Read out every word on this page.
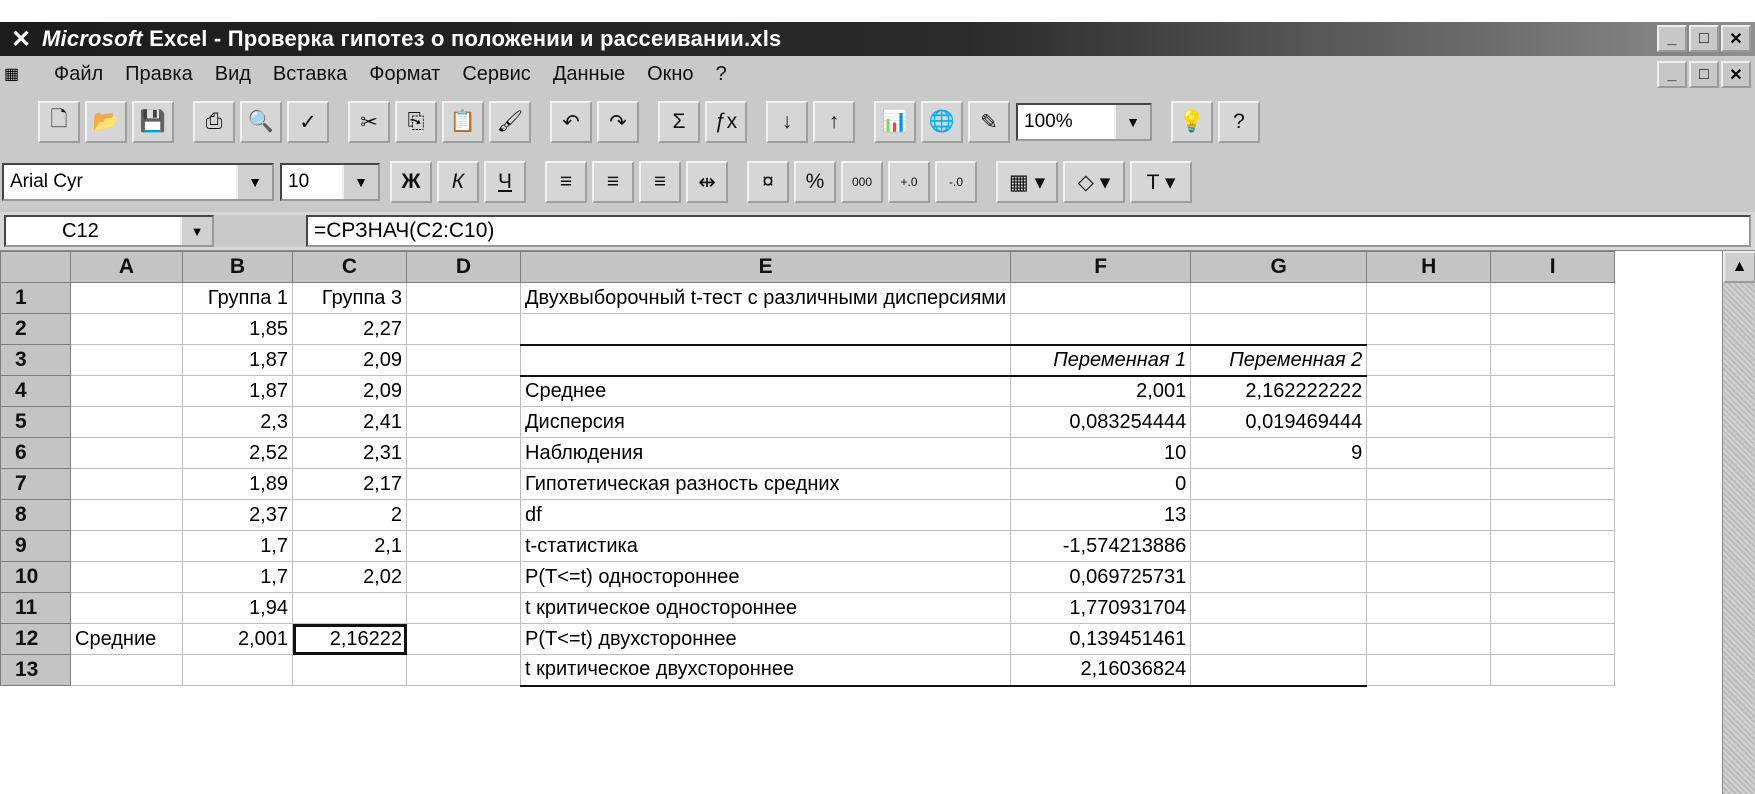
✕ Microsoft Excel - Проверка гипотез о положении и рассеивании.xls	_	□	✕
▦	Файл Правка Вид Вставка Формат Сервис Данные Окно ?	_	□	✕
🗋	📂 💾	⎙	🔍	✓	✂	⎘	📋 🖌	↶	↷	Σ	ƒx	↓	↑	📊 🌐	✎	100%	▼	💡	?
Arial Cyr	▼	10	▼	Ж	К	Ч	≡	≡	≡	⇹	¤	%	000	+.0	-.0	▦ ▾	◇ ▾	T ▾
C12	▼	=СРЗНАЧ(C2:C10)
	A	B	C	D	E	F	G	H	I
1		Группа 1	Группа 3		Двухвыборочный t-тест с различными дисперсиями				
2		1,85	2,27						
3		1,87	2,09			Переменная 1	Переменная 2		
4		1,87	2,09		Среднее	2,001	2,162222222		
5		2,3	2,41		Дисперсия	0,083254444	0,019469444		
6		2,52	2,31		Наблюдения	10	9		
7		1,89	2,17		Гипотетическая разность средних	0			
8		2,37	2		df	13			
9		1,7	2,1		t-статистика	-1,574213886			
10		1,7	2,02		P(T<=t) одностороннее	0,069725731			
11		1,94			t критическое одностороннее	1,770931704			
12	Средние	2,001	2,16222		P(T<=t) двухстороннее	0,139451461			
13					t критическое двухстороннее	2,16036824			
▲
